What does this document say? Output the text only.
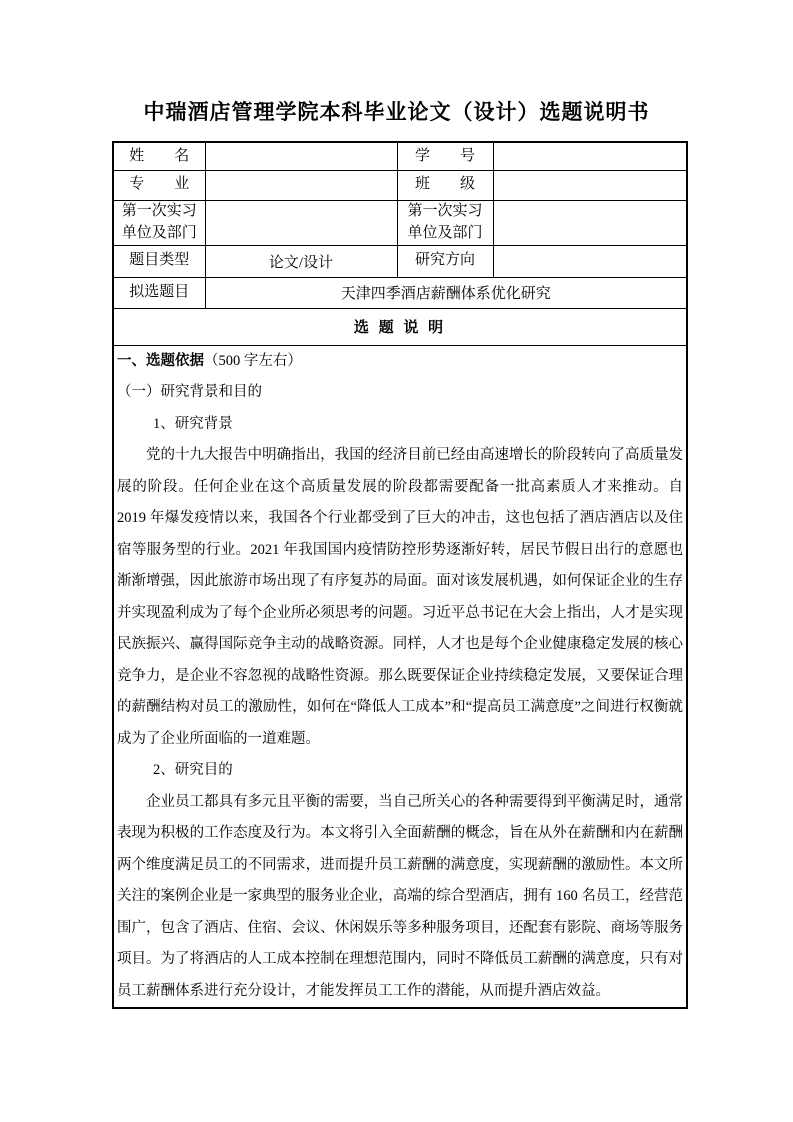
中瑞酒店管理学院本科毕业论文（设计）选题说明书
姓　　名		学　　号	
专　　业		班　　级	
第一次实习单位及部门		第一次实习单位及部门	
题目类型	论文/设计	研究方向	
拟选题目	天津四季酒店薪酬体系优化研究		
选 题 说 明			

一、选题依据（500 字左右）

（一）研究背景和目的

1、研究背景

党的十九大报告中明确指出，我国的经济目前已经由高速增长的阶段转向了高质量发展的阶段。任何企业在这个高质量发展的阶段都需要配备一批高素质人才来推动。自 2019 年爆发疫情以来，我国各个行业都受到了巨大的冲击，这也包括了酒店酒店以及住宿等服务型的行业。2021 年我国国内疫情防控形势逐渐好转，居民节假日出行的意愿也渐渐增强，因此旅游市场出现了有序复苏的局面。面对该发展机遇，如何保证企业的生存并实现盈利成为了每个企业所必须思考的问题。习近平总书记在大会上指出，人才是实现民族振兴、赢得国际竞争主动的战略资源。同样，人才也是每个企业健康稳定发展的核心竞争力，是企业不容忽视的战略性资源。那么既要保证企业持续稳定发展，又要保证合理的薪酬结构对员工的激励性，如何在“降低人工成本”和“提高员工满意度”之间进行权衡就成为了企业所面临的一道难题。

2、研究目的

企业员工都具有多元且平衡的需要，当自己所关心的各种需要得到平衡满足时，通常表现为积极的工作态度及行为。本文将引入全面薪酬的概念，旨在从外在薪酬和内在薪酬两个维度满足员工的不同需求，进而提升员工薪酬的满意度，实现薪酬的激励性。本文所关注的案例企业是一家典型的服务业企业，高端的综合型酒店，拥有 160 名员工，经营范围广，包含了酒店、住宿、会议、休闲娱乐等多种服务项目，还配套有影院、商场等服务项目。为了将酒店的人工成本控制在理想范围内，同时不降低员工薪酬的满意度，只有对员工薪酬体系进行充分设计，才能发挥员工工作的潜能，从而提升酒店效益。
